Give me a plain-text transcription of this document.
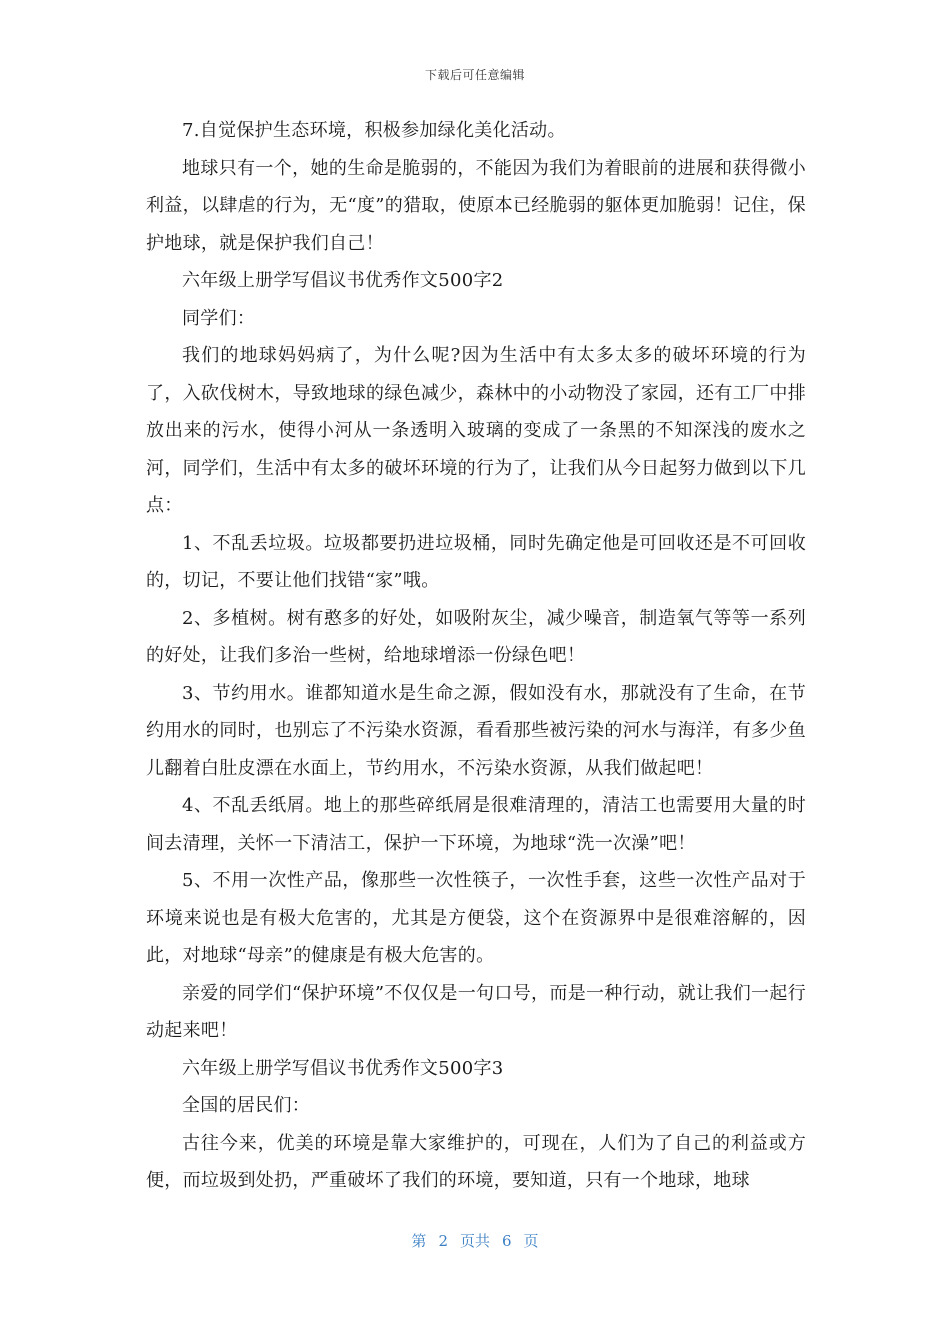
下载后可任意编辑

7.自觉保护生态环境，积极参加绿化美化活动。

地球只有一个，她的生命是脆弱的，不能因为我们为着眼前的进展和获得微小利益，以肆虐的行为，无“度”的猎取，使原本已经脆弱的躯体更加脆弱！记住，保护地球，就是保护我们自己！

六年级上册学写倡议书优秀作文500字2

同学们：

我们的地球妈妈病了，为什么呢?因为生活中有太多太多的破坏环境的行为了，入砍伐树木，导致地球的绿色减少，森林中的小动物没了家园，还有工厂中排放出来的污水，使得小河从一条透明入玻璃的变成了一条黑的不知深浅的废水之河，同学们，生活中有太多的破坏环境的行为了，让我们从今日起努力做到以下几点：

1、不乱丢垃圾。垃圾都要扔进垃圾桶，同时先确定他是可回收还是不可回收的，切记，不要让他们找错“家”哦。

2、多植树。树有憨多的好处，如吸附灰尘，减少噪音，制造氧气等等一系列的好处，让我们多治一些树，给地球增添一份绿色吧！

3、节约用水。谁都知道水是生命之源，假如没有水，那就没有了生命，在节约用水的同时，也别忘了不污染水资源，看看那些被污染的河水与海洋，有多少鱼儿翻着白肚皮漂在水面上，节约用水，不污染水资源，从我们做起吧！

4、不乱丢纸屑。地上的那些碎纸屑是很难清理的，清洁工也需要用大量的时间去清理，关怀一下清洁工，保护一下环境，为地球“洗一次澡”吧！

5、不用一次性产品，像那些一次性筷子，一次性手套，这些一次性产品对于环境来说也是有极大危害的，尤其是方便袋，这个在资源界中是很难溶解的，因此，对地球“母亲”的健康是有极大危害的。

亲爱的同学们“保护环境”不仅仅是一句口号，而是一种行动，就让我们一起行动起来吧！

六年级上册学写倡议书优秀作文500字3

全国的居民们：

古往今来，优美的环境是靠大家维护的，可现在，人们为了自己的利益或方便，而垃圾到处扔，严重破坏了我们的环境，要知道，只有一个地球，地球

第 2 页共 6 页
